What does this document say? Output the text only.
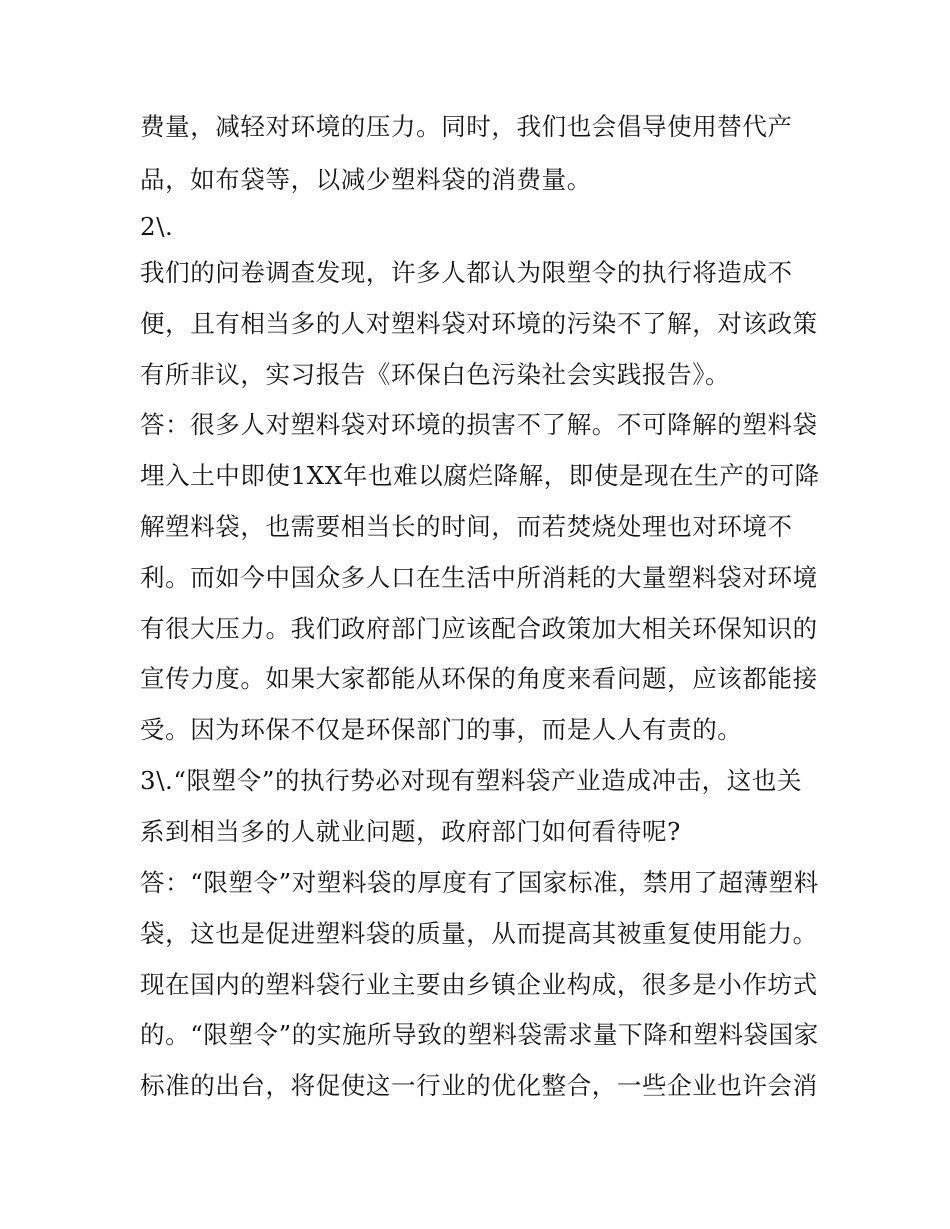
费量，减轻对环境的压力。同时，我们也会倡导使用替代产

品，如布袋等，以减少塑料袋的消费量。

2\.

我们的问卷调查发现，许多人都认为限塑令的执行将造成不

便，且有相当多的人对塑料袋对环境的污染不了解，对该政策

有所非议，实习报告《环保白色污染社会实践报告》。

答：很多人对塑料袋对环境的损害不了解。不可降解的塑料袋

埋入土中即使1XX年也难以腐烂降解，即使是现在生产的可降

解塑料袋，也需要相当长的时间，而若焚烧处理也对环境不

利。而如今中国众多人口在生活中所消耗的大量塑料袋对环境

有很大压力。我们政府部门应该配合政策加大相关环保知识的

宣传力度。如果大家都能从环保的角度来看问题，应该都能接

受。因为环保不仅是环保部门的事，而是人人有责的。

3\.“限塑令”的执行势必对现有塑料袋产业造成冲击，这也关

系到相当多的人就业问题，政府部门如何看待呢?

答：“限塑令”对塑料袋的厚度有了国家标准，禁用了超薄塑料

袋，这也是促进塑料袋的质量，从而提高其被重复使用能力。

现在国内的塑料袋行业主要由乡镇企业构成，很多是小作坊式

的。“限塑令”的实施所导致的塑料袋需求量下降和塑料袋国家

标准的出台，将促使这一行业的优化整合，一些企业也许会消
